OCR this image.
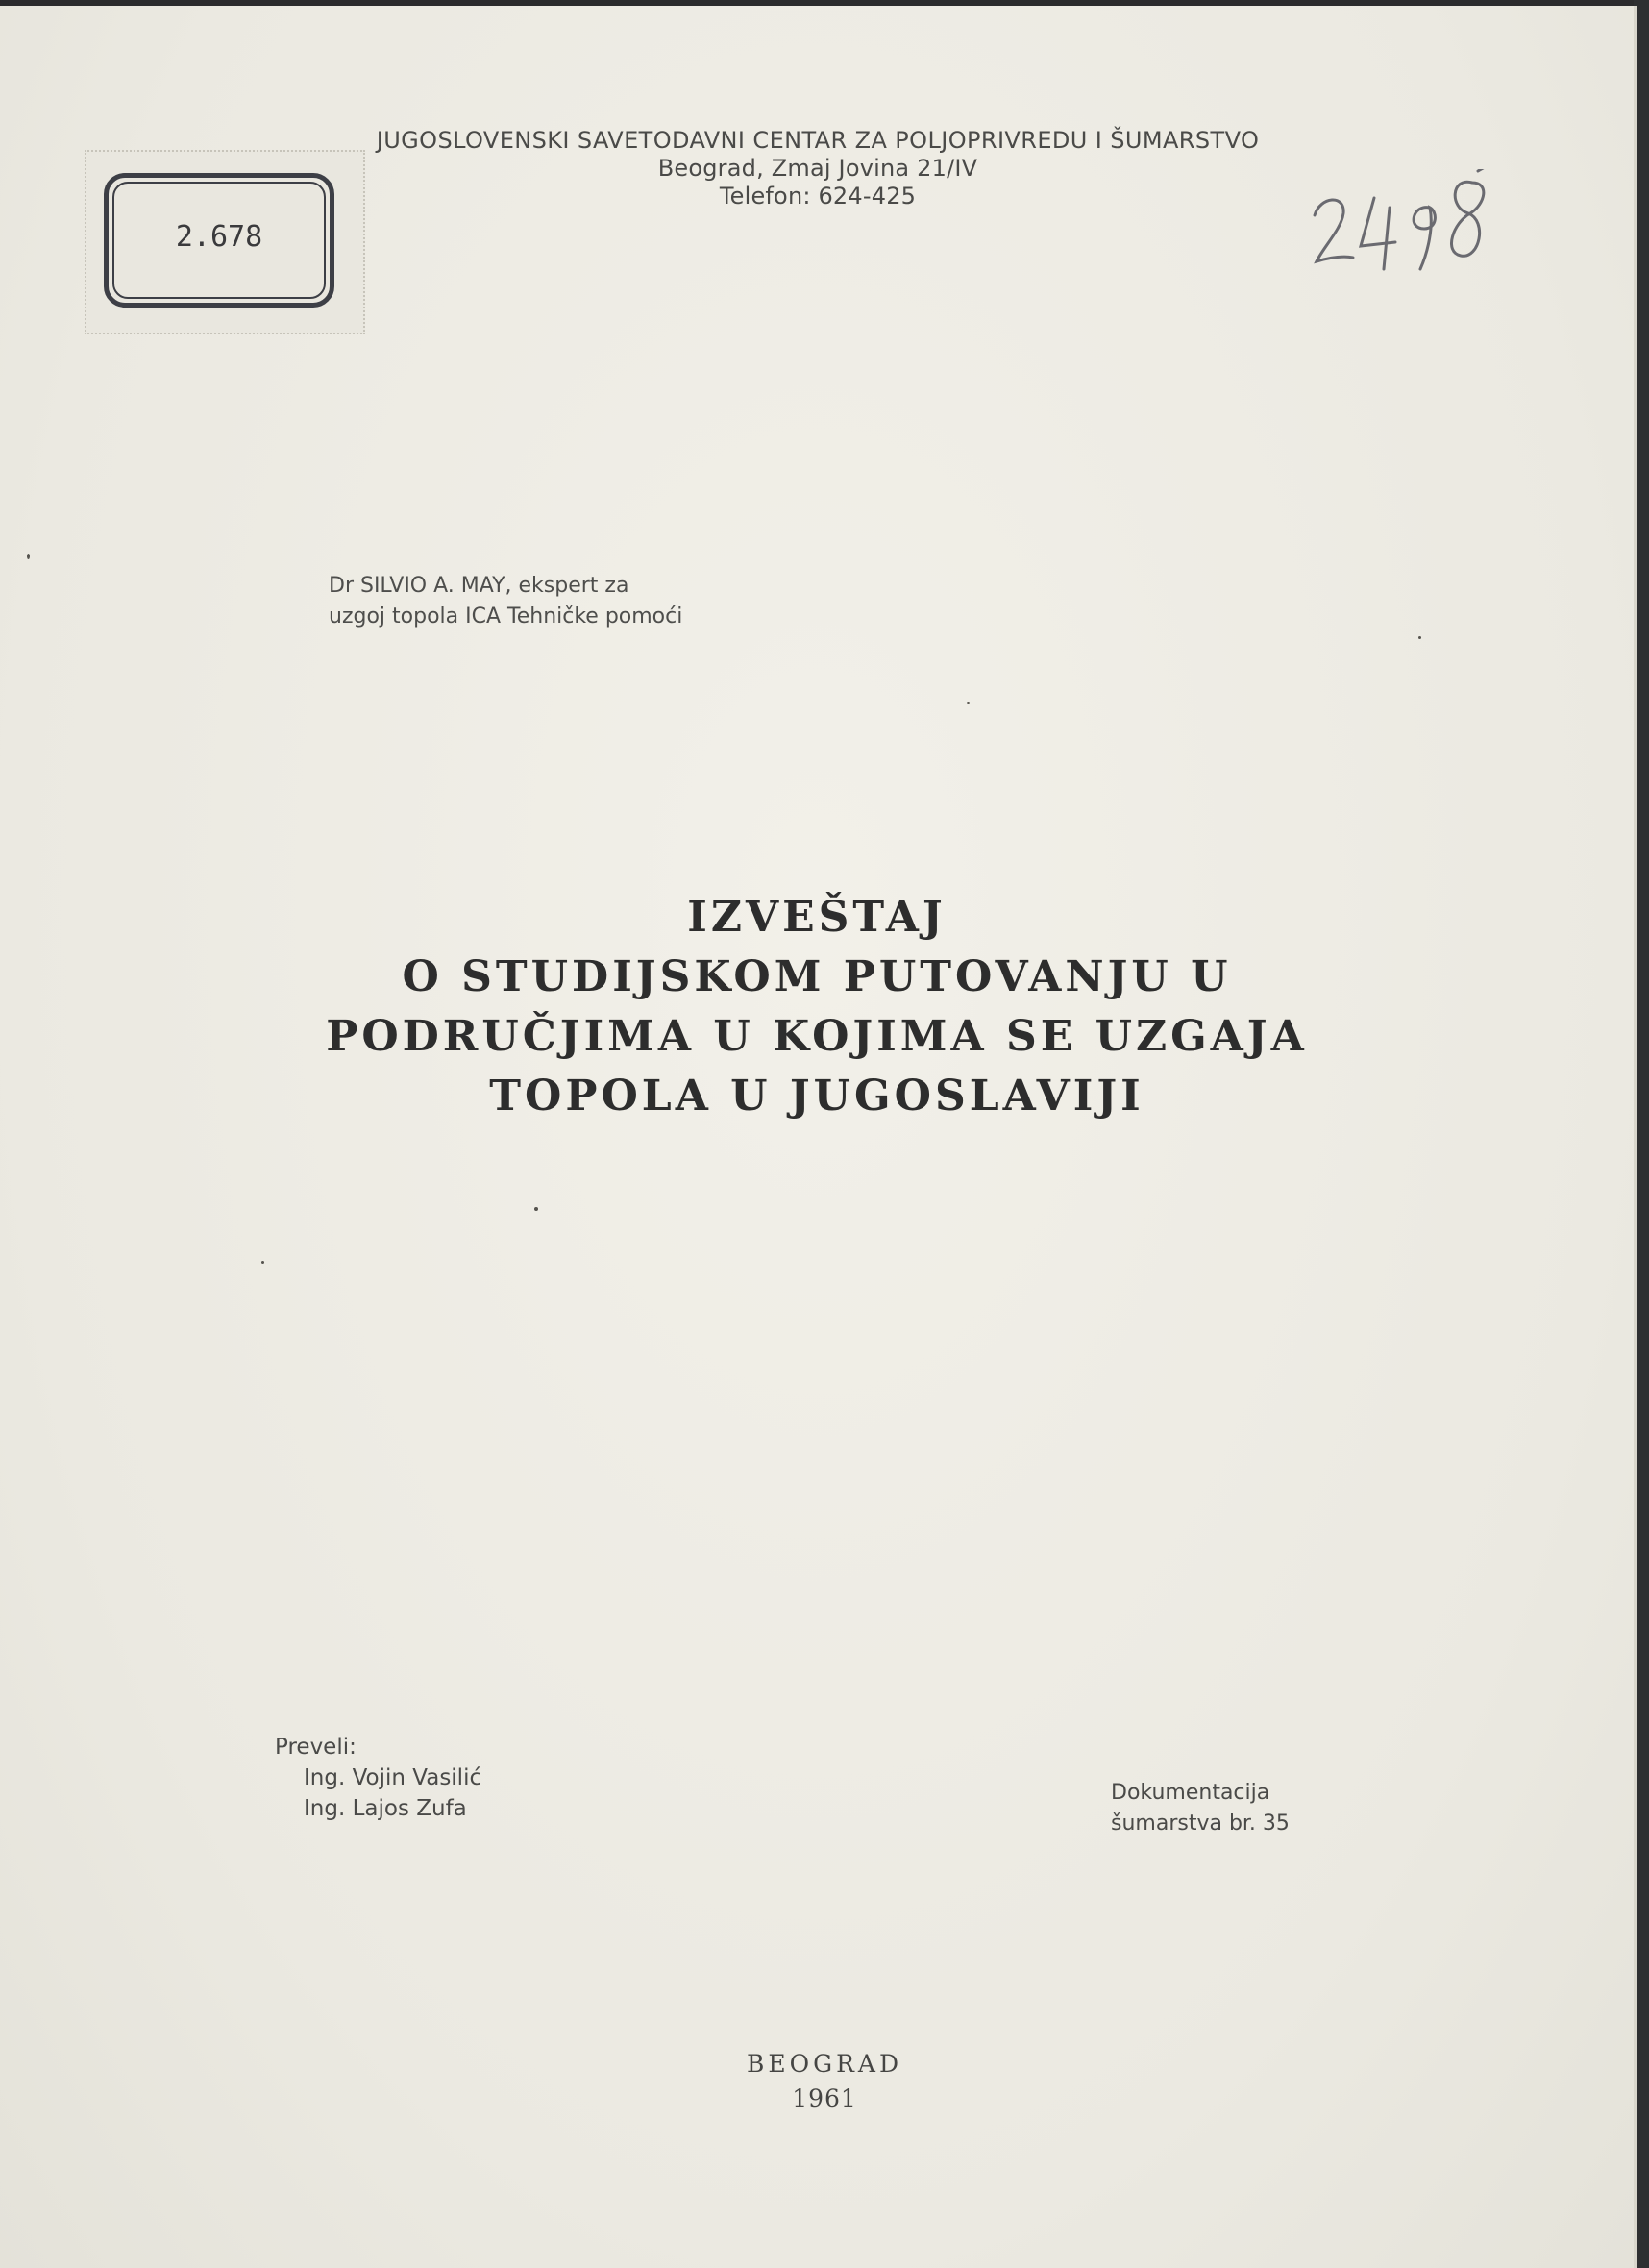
JUGOSLOVENSKI SAVETODAVNI CENTAR ZA POLJOPRIVREDU I ŠUMARSTVO
Beograd, Zmaj Jovina 21/IV
Telefon: 624-425
2.678
Dr SILVIO A. MAY, ekspert za
uzgoj topola ICA Tehničke pomoći
IZVEŠTAJ
O STUDIJSKOM PUTOVANJU U
PODRUČJIMA U KOJIMA SE UZGAJA
TOPOLA U JUGOSLAVIJI
Preveli:
Ing. Vojin Vasilić
Ing. Lajos Zufa
Dokumentacija
šumarstva br. 35
BEOGRAD
1961
